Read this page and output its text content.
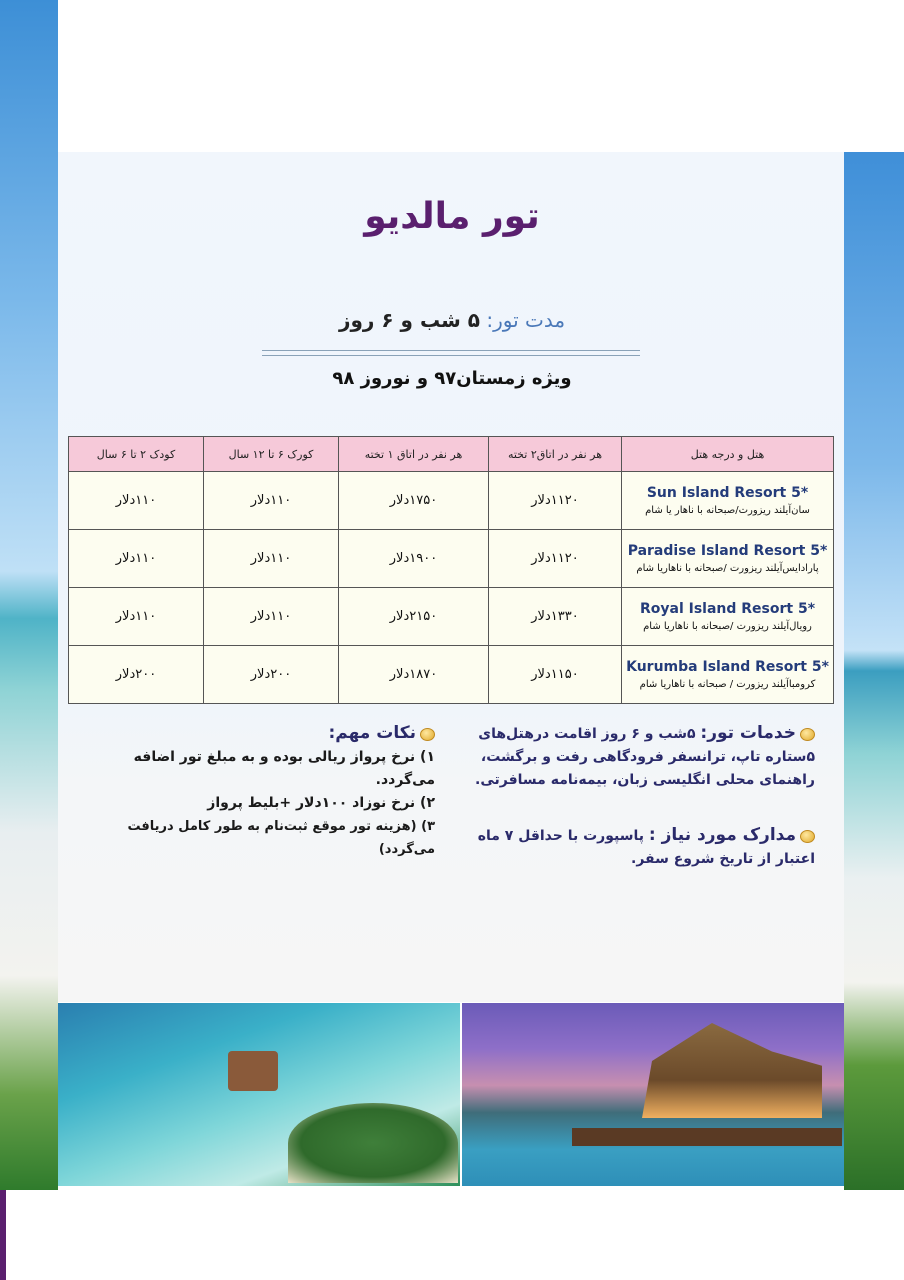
تور مالدیو
مدت تور: ۵ شب و ۶ روز
ویژه زمستان۹۷ و نوروز ۹۸
هتل و درجه هتل	هر نفر در اتاق۲ تخته	هر نفر در اتاق ۱ تخته	کورک ۶ تا ۱۲ سال	کودک ۲ تا ۶ سال

Sun Island Resort 5*
سان‌آیلند ریزورت/صبحانه با ناهار یا شام	۱۱۲۰دلار	۱۷۵۰دلار	۱۱۰دلار	۱۱۰دلار

Paradise Island Resort 5*
پارادایس‌آیلند ریزورت /صبحانه با ناهاریا شام	۱۱۲۰دلار	۱۹۰۰دلار	۱۱۰دلار	۱۱۰دلار

Royal Island Resort 5*
رویال‌آیلند ریزورت /صبحانه با ناهاریا شام	۱۳۳۰دلار	۲۱۵۰دلار	۱۱۰دلار	۱۱۰دلار

Kurumba Island Resort 5*
کرومباآیلند ریزورت / صبحانه با ناهاریا شام	۱۱۵۰دلار	۱۸۷۰دلار	۲۰۰دلار	۲۰۰دلار
خدمات تور: ۵شب و ۶ روز اقامت درهتل‌های ۵ستاره تاپ، ترانسفر فرودگاهی رفت و برگشت، راهنمای محلی انگلیسی زبان، بیمه‌نامه مسافرتی.
مدارک مورد نیاز : پاسپورت با حداقل ۷ ماه اعتبار از تاریخ شروع سفر.
نکات مهم:
۱) نرخ پرواز ریالی بوده و به مبلغ تور اضافه می‌گردد.
۲) نرخ نوزاد ۱۰۰دلار +بلیط پرواز
۳) (هزینه تور موقع ثبت‌نام به طور کامل دریافت می‌گردد)
